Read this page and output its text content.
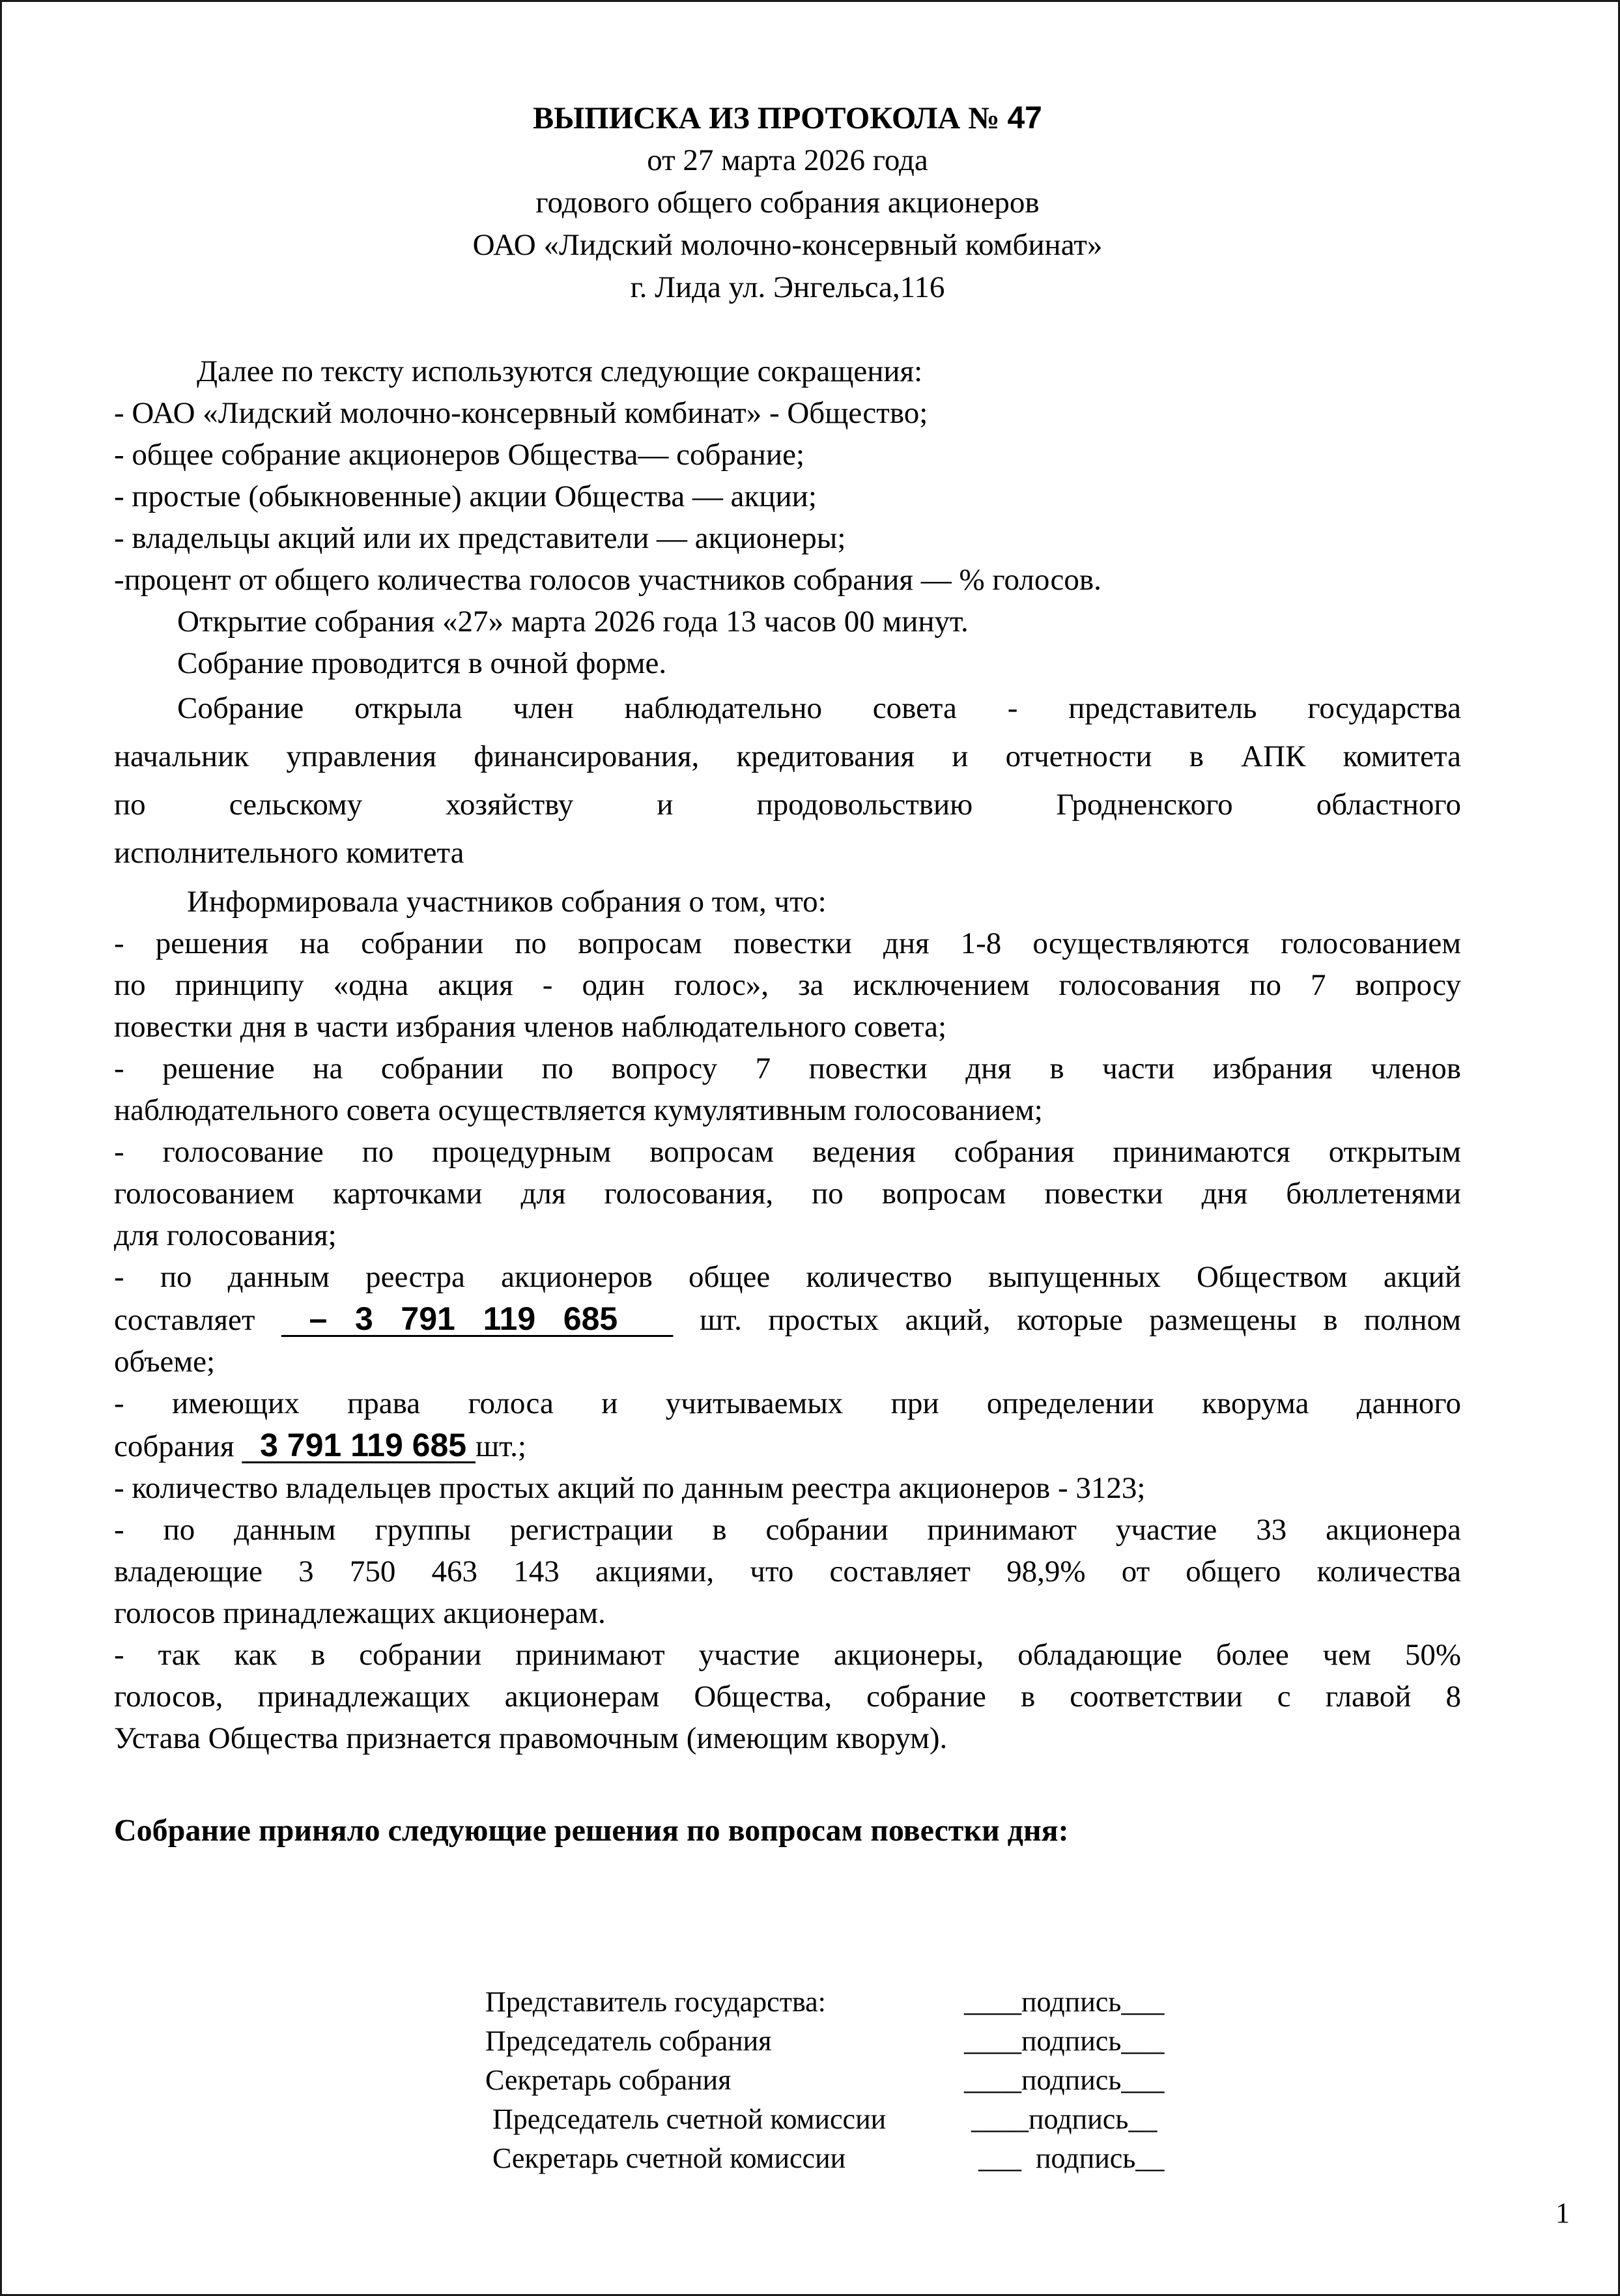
ВЫПИСКА ИЗ ПРОТОКОЛА № 47
от 27 марта 2026 года
годового общего собрания акционеров
ОАО «Лидский молочно-консервный комбинат»
г. Лида ул. Энгельса,116
Далее по тексту используются следующие сокращения:
- ОАО «Лидский молочно-консервный комбинат» - Общество;
- общее собрание акционеров Общества— собрание;
- простые (обыкновенные) акции Общества — акции;
- владельцы акций или их представители — акционеры;
-процент от общего количества голосов участников собрания — % голосов.
Открытие собрания «27» марта 2026 года 13 часов 00 минут.
Собрание проводится в очной форме.
Собрание открыла член наблюдательно совета - представитель государства
начальник управления финансирования, кредитования и отчетности в АПК комитета
по сельскому хозяйству и продовольствию Гродненского областного
исполнительного комитета
Информировала участников собрания о том, что:
- решения на собрании по вопросам повестки дня 1-8 осуществляются голосованием
по принципу «одна акция - один голос», за исключением голосования по 7 вопросу
повестки дня в части избрания членов наблюдательного совета;
- решение на собрании по вопросу 7 повестки дня в части избрания членов
наблюдательного совета осуществляется кумулятивным голосованием;
- голосование по процедурным вопросам ведения собрания принимаются открытым
голосованием карточками для голосования, по вопросам повестки дня бюллетенями
для голосования;
- по данным реестра акционеров общее количество выпущенных Обществом акций
составляет  – 3 791 119 685   шт. простых акций, которые размещены в полном
объеме;
- имеющих права голоса и учитываемых при определении кворума данного
собрания   3 791 119 685 шт.;
- количество владельцев простых акций по данным реестра акционеров - 3123;
- по данным группы регистрации в собрании принимают участие 33 акционера
владеющие 3 750 463 143 акциями, что составляет 98,9% от общего количества
голосов принадлежащих акционерам.
- так как в собрании принимают участие акционеры, обладающие более чем 50%
голосов, принадлежащих акционерам Общества, собрание в соответствии с главой 8
Устава Общества признается правомочным (имеющим кворум).
Собрание приняло следующие решения по вопросам повестки дня:
Представитель государства:	____подпись___
Председатель собрания	____подпись___
Секретарь собрания	____подпись___
Председатель счетной комиссии	____подпись__
Секретарь счетной комиссии	___  подпись__
1
